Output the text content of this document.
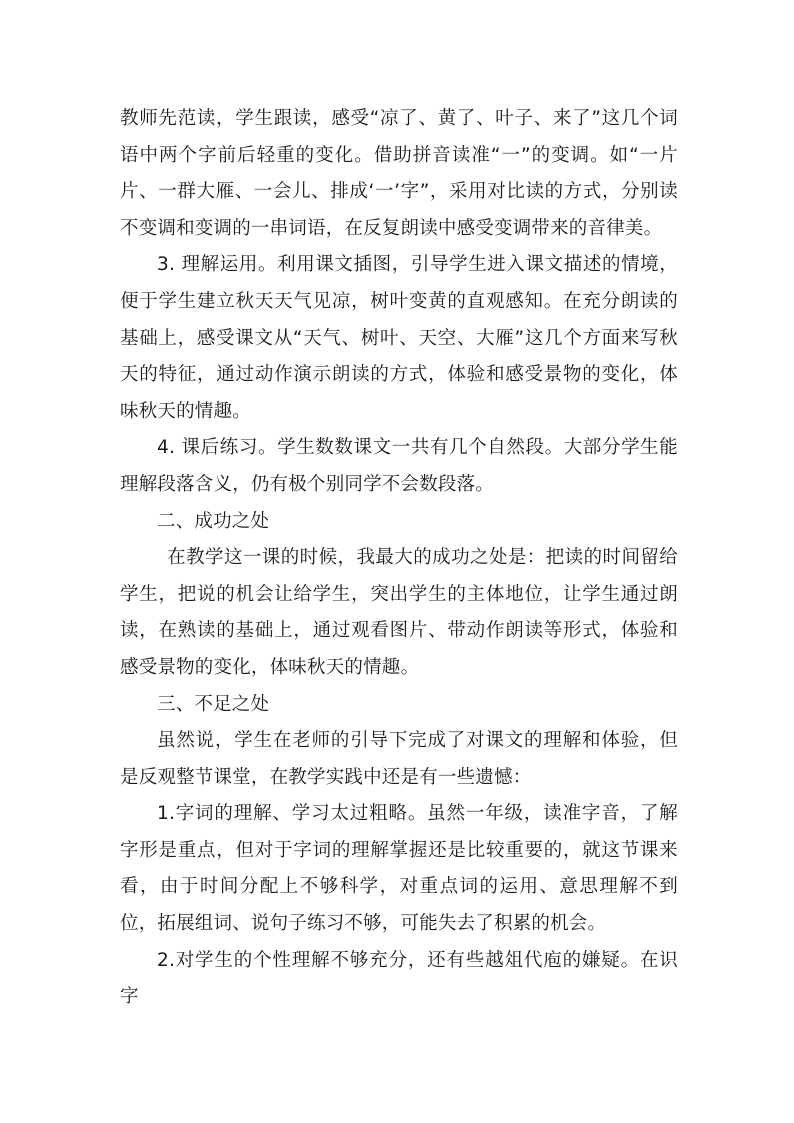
教师先范读，学生跟读，感受“凉了、黄了、叶子、来了”这几个词语中两个字前后轻重的变化。借助拼音读准“一”的变调。如“一片片、一群大雁、一会儿、排成‘一’字”，采用对比读的方式，分别读不变调和变调的一串词语，在反复朗读中感受变调带来的音律美。

3. 理解运用。利用课文插图，引导学生进入课文描述的情境，便于学生建立秋天天气见凉，树叶变黄的直观感知。在充分朗读的基础上，感受课文从“天气、树叶、天空、大雁”这几个方面来写秋天的特征，通过动作演示朗读的方式，体验和感受景物的变化，体味秋天的情趣。

4. 课后练习。学生数数课文一共有几个自然段。大部分学生能理解段落含义，仍有极个别同学不会数段落。

二、成功之处

在教学这一课的时候，我最大的成功之处是：把读的时间留给学生，把说的机会让给学生，突出学生的主体地位，让学生通过朗读，在熟读的基础上，通过观看图片、带动作朗读等形式，体验和感受景物的变化，体味秋天的情趣。

三、不足之处

虽然说，学生在老师的引导下完成了对课文的理解和体验，但是反观整节课堂，在教学实践中还是有一些遗憾：

1.字词的理解、学习太过粗略。虽然一年级，读准字音，了解字形是重点，但对于字词的理解掌握还是比较重要的，就这节课来看，由于时间分配上不够科学，对重点词的运用、意思理解不到位，拓展组词、说句子练习不够，可能失去了积累的机会。

2.对学生的个性理解不够充分，还有些越俎代庖的嫌疑。在识字
